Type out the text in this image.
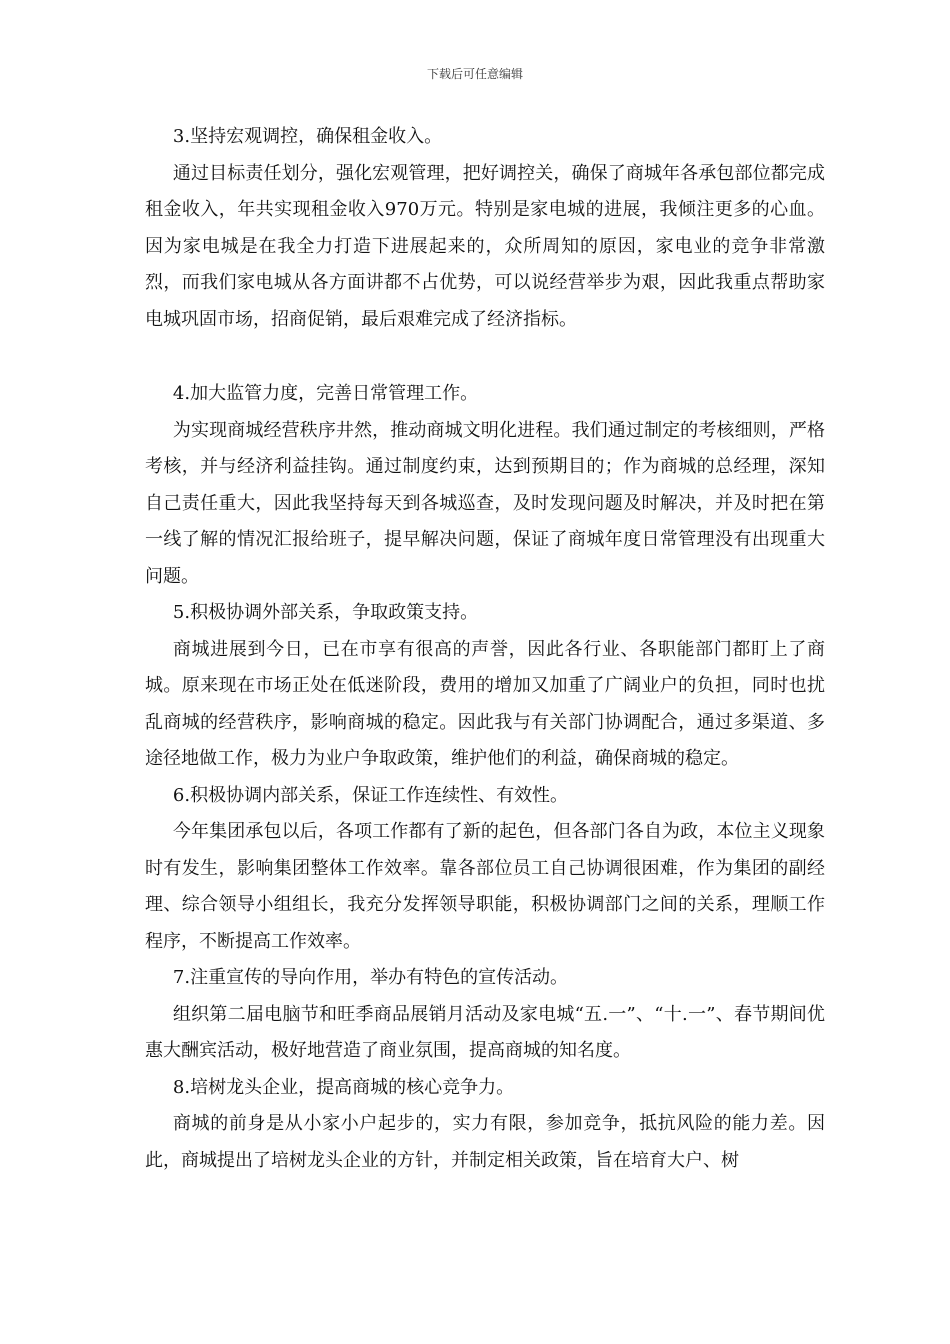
下载后可任意编辑

3.坚持宏观调控，确保租金收入。

通过目标责任划分，强化宏观管理，把好调控关，确保了商城年各承包部位都完成租金收入，年共实现租金收入970万元。特别是家电城的进展，我倾注更多的心血。因为家电城是在我全力打造下进展起来的，众所周知的原因，家电业的竞争非常激烈，而我们家电城从各方面讲都不占优势，可以说经营举步为艰，因此我重点帮助家电城巩固市场，招商促销，最后艰难完成了经济指标。

4.加大监管力度，完善日常管理工作。

为实现商城经营秩序井然，推动商城文明化进程。我们通过制定的考核细则，严格考核，并与经济利益挂钩。通过制度约束，达到预期目的；作为商城的总经理，深知自己责任重大，因此我坚持每天到各城巡查，及时发现问题及时解决，并及时把在第一线了解的情况汇报给班子，提早解决问题，保证了商城年度日常管理没有出现重大问题。

5.积极协调外部关系，争取政策支持。

商城进展到今日，已在市享有很高的声誉，因此各行业、各职能部门都盯上了商城。原来现在市场正处在低迷阶段，费用的增加又加重了广阔业户的负担，同时也扰乱商城的经营秩序，影响商城的稳定。因此我与有关部门协调配合，通过多渠道、多途径地做工作，极力为业户争取政策，维护他们的利益，确保商城的稳定。

6.积极协调内部关系，保证工作连续性、有效性。

今年集团承包以后，各项工作都有了新的起色，但各部门各自为政，本位主义现象时有发生，影响集团整体工作效率。靠各部位员工自己协调很困难，作为集团的副经理、综合领导小组组长，我充分发挥领导职能，积极协调部门之间的关系，理顺工作程序，不断提高工作效率。

7.注重宣传的导向作用，举办有特色的宣传活动。

组织第二届电脑节和旺季商品展销月活动及家电城“五.一”、“十.一”、春节期间优惠大酬宾活动，极好地营造了商业氛围，提高商城的知名度。

8.培树龙头企业，提高商城的核心竞争力。

商城的前身是从小家小户起步的，实力有限，参加竞争，抵抗风险的能力差。因此，商城提出了培树龙头企业的方针，并制定相关政策，旨在培育大户、树
